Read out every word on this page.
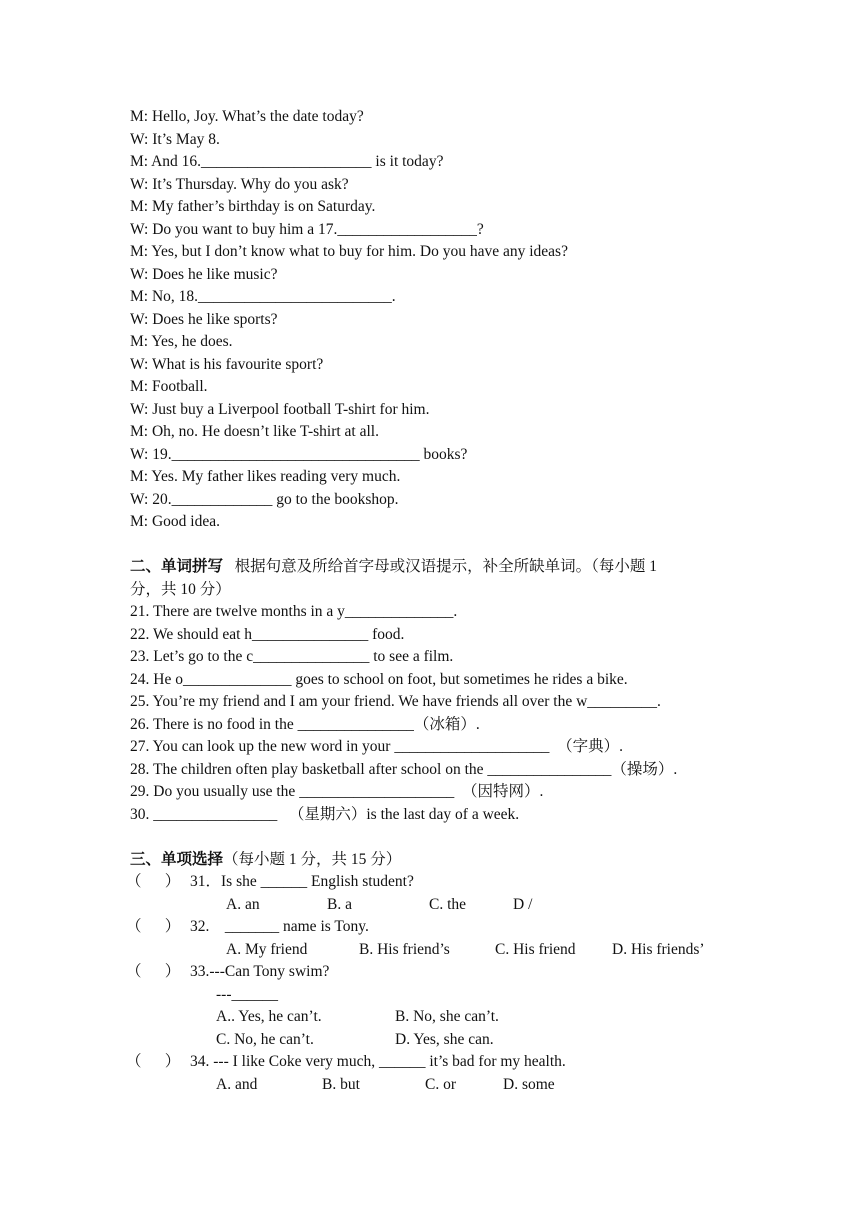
M: Hello, Joy. What’s the date today?
W: It’s May 8.
M: And 16.______________________ is it today?
W: It’s Thursday. Why do you ask?
M: My father’s birthday is on Saturday.
W: Do you want to buy him a 17.__________________?
M: Yes, but I don’t know what to buy for him. Do you have any ideas?
W: Does he like music?
M: No, 18._________________________.
W: Does he like sports?
M: Yes, he does.
W: What is his favourite sport?
M: Football.
W: Just buy a Liverpool football T-shirt for him.
M: Oh, no. He doesn’t like T-shirt at all.
W: 19.________________________________ books?
M: Yes. My father likes reading very much.
W: 20._____________ go to the bookshop.
M: Good idea.
二、单词拼写   根据句意及所给首字母或汉语提示，补全所缺单词。（每小题 1
分，共 10 分）
21. There are twelve months in a y______________.
22. We should eat h_______________ food.
23. Let’s go to the c_______________ to see a film.
24. He o______________ goes to school on foot, but sometimes he rides a bike.
25. You’re my friend and I am your friend. We have friends all over the w_________.
26. There is no food in the _______________（冰箱）.
27. You can look up the new word in your ____________________  （字典）.
28. The children often play basketball after school on the ________________（操场）.
29. Do you usually use the ____________________  （因特网）.
30. ________________   （星期六）is the last day of a week.
三、单项选择（每小题 1 分，共 15 分）

（      ）

31．Is she ______ English student?

A. an

	B. a

	C. the

	D /

（      ）

32.    _______ name is Tony.

A. My friend

	B. His friend’s

	C. His friend

D. His friends’

（      ）

33.---Can Tony swim?

---______

A.. Yes, he can’t.

	B. No, she can’t.

C. No, he can’t.

	D. Yes, she can.

（      ）

34. --- I like Coke very much, ______ it’s bad for my health.

A. and

	B. but

	C. or

	D. some
